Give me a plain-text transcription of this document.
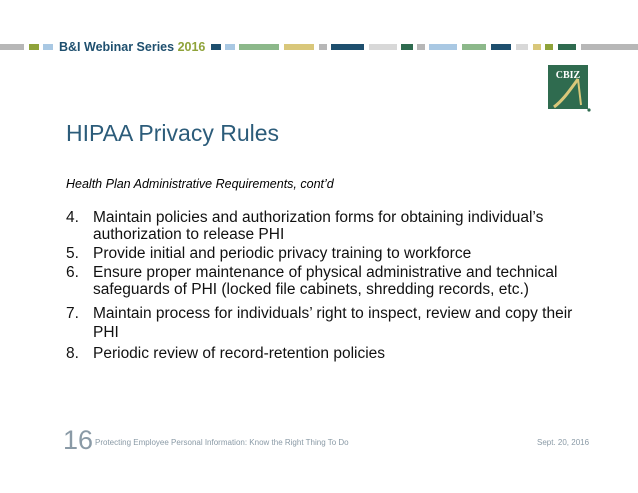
B&I Webinar Series 2016
CBIZ
HIPAA Privacy Rules
Health Plan Administrative Requirements, cont’d
4. Maintain policies and authorization forms for obtaining individual’s authorization to release PHI
5. Provide initial and periodic privacy training to workforce
6. Ensure proper maintenance of physical administrative and technical safeguards of PHI (locked file cabinets, shredding records, etc.)
7. Maintain process for individuals’ right to inspect, review and copy their PHI
8. Periodic review of record-retention policies
16 Protecting Employee Personal Information: Know the Right Thing To Do	Sept. 20, 2016
